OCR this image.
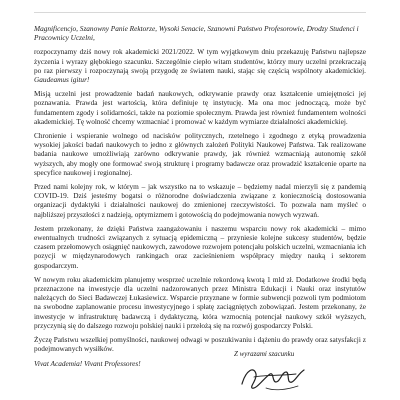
Magnificencjo, Szanowny Panie Rektorze, Wysoki Senacie, Szanowni Państwo Profesorowie, Drodzy Studenci i Pracownicy Uczelni,

rozpoczynamy dziś nowy rok akademicki 2021/2022. W tym wyjątkowym dniu przekazuję Państwu najlepsze życzenia i wyrazy głębokiego szacunku. Szczególnie ciepło witam studentów, którzy mury uczelni przekraczają po raz pierwszy i rozpoczynają swoją przygodę ze światem nauki, stając się częścią wspólnoty akademickiej. Gaudeamus igitur!

Misją uczelni jest prowadzenie badań naukowych, odkrywanie prawdy oraz kształcenie umiejętności jej poznawania. Prawda jest wartością, która definiuje tę instytucję. Ma ona moc jednoczącą, może być fundamentem zgody i solidarności, także na poziomie społecznym. Prawda jest również fundamentem wolności akademickiej. Tę wolność chcemy wzmacniać i promować w każdym wymiarze działalności akademickiej.

Chronienie i wspieranie wolnego od nacisków politycznych, rzetelnego i zgodnego z etyką prowadzenia wysokiej jakości badań naukowych to jedno z głównych założeń Polityki Naukowej Państwa. Tak realizowane badania naukowe umożliwiają zarówno odkrywanie prawdy, jak również wzmacniają autonomię szkół wyższych, aby mogły one formować swoją strukturę i programy badawcze oraz prowadzić kształcenie oparte na specyfice naukowej i regionalnej.

Przed nami kolejny rok, w którym – jak wszystko na to wskazuje – będziemy nadal mierzyli się z pandemią COVID-19. Dziś jesteśmy bogatsi o różnorodne doświadczenia związane z koniecznością dostosowania organizacji dydaktyki i działalności naukowej do zmienionej rzeczywistości. To pozwala nam myśleć o najbliższej przyszłości z nadzieją, optymizmem i gotowością do podejmowania nowych wyzwań.

Jestem przekonany, że dzięki Państwa zaangażowaniu i naszemu wsparciu nowy rok akademicki – mimo ewentualnych trudności związanych z sytuacją epidemiczną – przyniesie kolejne sukcesy studentów, będzie czasem przełomowych osiągnięć naukowych, zawodowe rozwojem potencjału polskich uczelni, wzmacniania ich pozycji w międzynarodowych rankingach oraz zacieśnieniem współpracy między nauką i sektorem gospodarczym.

W nowym roku akademickim planujemy wesprzeć uczelnie rekordową kwotą 1 mld zł. Dodatkowe środki będą przeznaczone na inwestycje dla uczelni nadzorowanych przez Ministra Edukacji i Nauki oraz instytutów należących do Sieci Badawczej Łukasiewicz. Wsparcie przyznane w formie subwencji pozwoli tym podmiotom na swobodne zaplanowanie procesu inwestycyjnego i spłatę zaciągniętych zobowiązań. Jestem przekonany, że inwestycje w infrastrukturę badawczą i dydaktyczną, która wzmocnią potencjał naukowy szkół wyższych, przyczynią się do dalszego rozwoju polskiej nauki i przełożą się na rozwój gospodarczy Polski.

Życzę Państwu wszelkiej pomyślności, naukowej odwagi w poszukiwaniu i dążeniu do prawdy oraz satysfakcji z podejmowanych wysiłków.

Vivat Academia! Vivant Professores!

Z wyrazami szacunku
